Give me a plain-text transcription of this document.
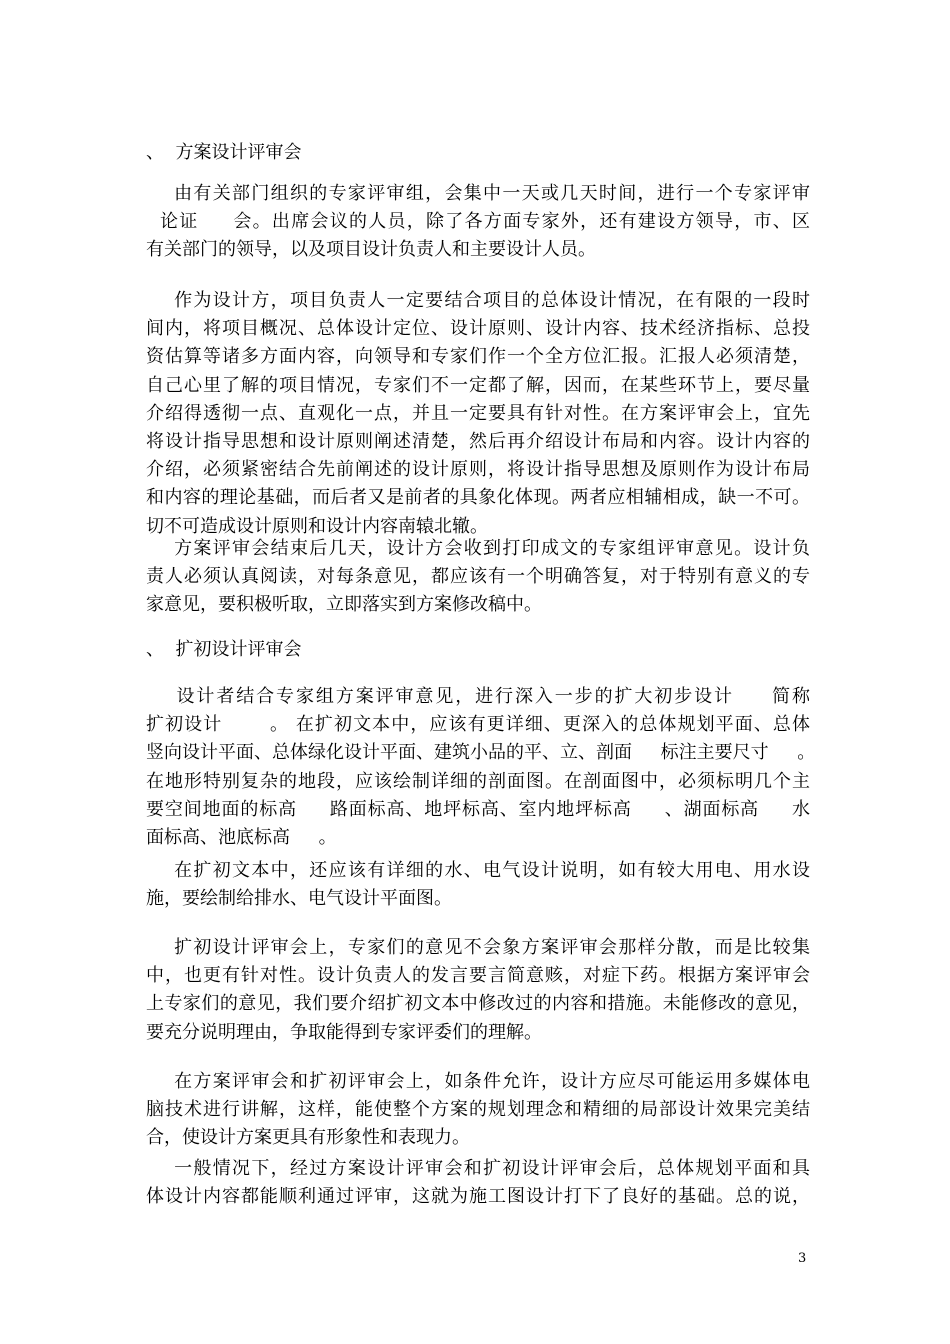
、  方案设计评审会
由有关部门组织的专家评审组，会集中一天或几天时间，进行一个专家评审
论证     会。出席会议的人员，除了各方面专家外，还有建设方领导，市、区
有关部门的领导，以及项目设计负责人和主要设计人员。
作为设计方，项目负责人一定要结合项目的总体设计情况，在有限的一段时
间内，将项目概况、总体设计定位、设计原则、设计内容、技术经济指标、总投
资估算等诸多方面内容，向领导和专家们作一个全方位汇报。汇报人必须清楚，
自己心里了解的项目情况，专家们不一定都了解，因而，在某些环节上，要尽量
介绍得透彻一点、直观化一点，并且一定要具有针对性。在方案评审会上，宜先
将设计指导思想和设计原则阐述清楚，然后再介绍设计布局和内容。设计内容的
介绍，必须紧密结合先前阐述的设计原则，将设计指导思想及原则作为设计布局
和内容的理论基础，而后者又是前者的具象化体现。两者应相辅相成，缺一不可。
切不可造成设计原则和设计内容南辕北辙。
方案评审会结束后几天，设计方会收到打印成文的专家组评审意见。设计负
责人必须认真阅读，对每条意见，都应该有一个明确答复，对于特别有意义的专
家意见，要积极听取，立即落实到方案修改稿中。
、  扩初设计评审会
设计者结合专家组方案评审意见，进行深入一步的扩大初步设计     简称
扩初设计       。 在扩初文本中，应该有更详细、更深入的总体规划平面、总体
竖向设计平面、总体绿化设计平面、建筑小品的平、立、剖面     标注主要尺寸     。
在地形特别复杂的地段，应该绘制详细的剖面图。在剖面图中，必须标明几个主
要空间地面的标高     路面标高、地坪标高、室内地坪标高     、湖面标高     水
面标高、池底标高     。
在扩初文本中，还应该有详细的水、电气设计说明，如有较大用电、用水设
施，要绘制给排水、电气设计平面图。
扩初设计评审会上，专家们的意见不会象方案评审会那样分散，而是比较集
中，也更有针对性。设计负责人的发言要言简意赅，对症下药。根据方案评审会
上专家们的意见，我们要介绍扩初文本中修改过的内容和措施。未能修改的意见，
要充分说明理由，争取能得到专家评委们的理解。
在方案评审会和扩初评审会上，如条件允许，设计方应尽可能运用多媒体电
脑技术进行讲解，这样，能使整个方案的规划理念和精细的局部设计效果完美结
合，使设计方案更具有形象性和表现力。
一般情况下，经过方案设计评审会和扩初设计评审会后，总体规划平面和具
体设计内容都能顺利通过评审，这就为施工图设计打下了良好的基础。总的说，
3
